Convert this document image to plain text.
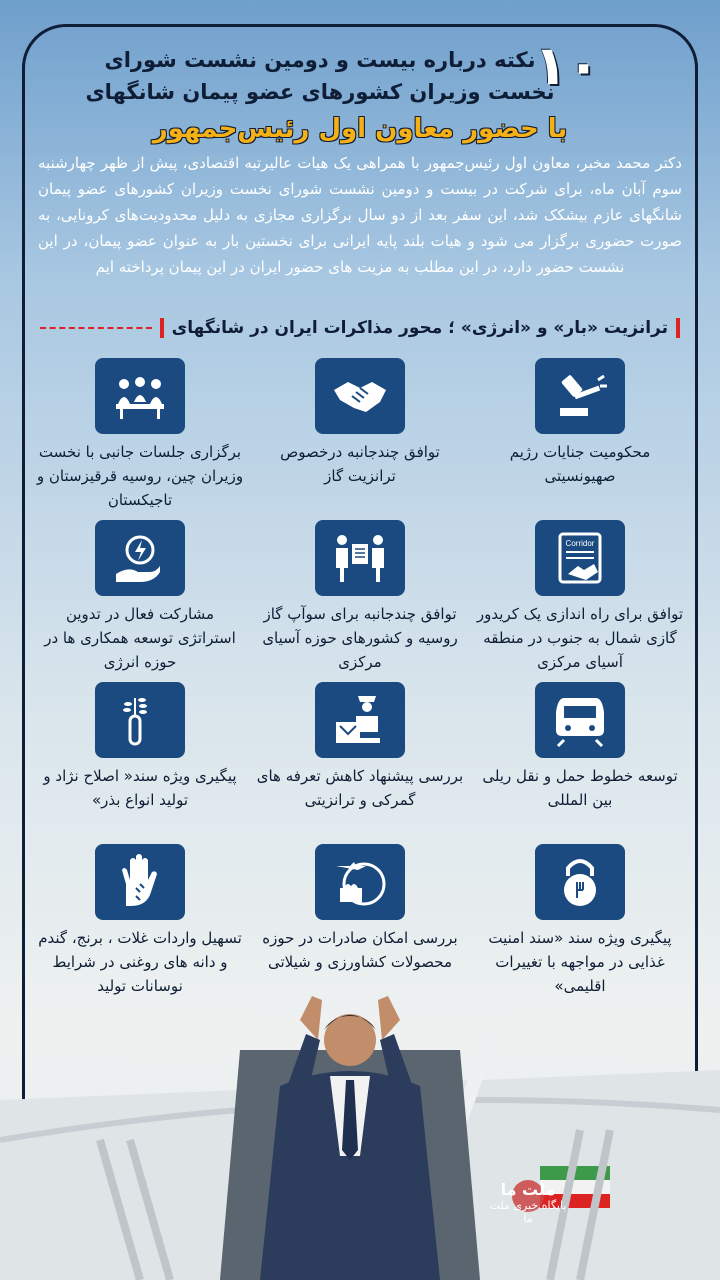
۱۰
نکته درباره بیست و دومین نشست شورای
نخست وزیران کشورهای عضو پیمان شانگهای
با حضور معاون اول رئیس‌جمهور
دکتر محمد مخبر، معاون اول رئیس‌جمهور با همراهی یک هیات عالیرتبه اقتصادی، پیش از ظهر چهارشنبه سوم آبان ماه، برای شرکت در بیست و دومین نشست شورای نخست وزیران کشورهای عضو پیمان شانگهای عازم بیشکک شد، این سفر بعد از دو سال برگزاری مجازی به دلیل محدودیت‌های کرونایی، به صورت حضوری برگزار می شود و هیات بلند پایه ایرانی برای نخستین بار به عنوان عضو پیمان، در این نشست حضور دارد، در این مطلب به مزیت های حضور ایران در این پیمان پرداخته ایم
ترانزیت «بار» و «انرژی» ؛ محور مذاکرات ایران در شانگهای
محکومیت جنایات رژیم صهیونسیتی
توافق چندجانبه درخصوص ترانزیت گاز
برگزاری جلسات جانبی با نخست وزیران چین، روسیه قرقیزستان و تاجیکستان
Corridor
توافق برای راه اندازی یک کریدور گازی شمال به جنوب در منطقه آسیای مرکزی
توافق چندجانبه برای سوآپ گاز روسیه و کشورهای حوزه آسیای مرکزی
مشارکت فعال در تدوین استراتژی توسعه همکاری ها در حوزه انرژی
توسعه خطوط حمل و نقل ریلی بین المللی
بررسی پیشنهاد کاهش تعرفه های گمرکی و ترانزیتی
پیگیری ویژه سند« اصلاح نژاد و تولید انواع بذر»
پیگیری ویژه سند «سند امنیت غذایی در مواجهه با تغییرات اقلیمی»
بررسی امکان صادرات در حوزه محصولات کشاورزی و شیلاتی
تسهیل واردات غلات ، برنج، گندم و دانه های روغنی در شرایط نوسانات تولید
ملت ما
پایگاه خبری ملت ما
